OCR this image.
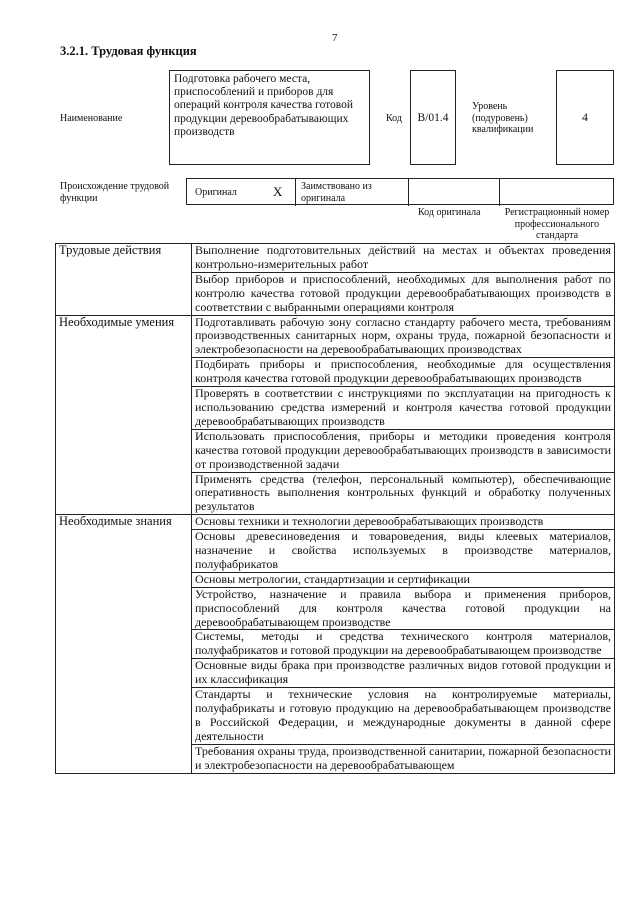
7
3.2.1. Трудовая функция
Наименование
Подготовка рабочего места, приспособлений и приборов для операций контроля качества готовой продукции деревообрабатывающих производств
Код	B/01.4
Уровень (подуровень) квалификации
4
Происхождение трудовой функции	Оригинал	X Заимствовано из оригинала
Код оригинала	Регистрационный номер профессионального стандарта
Трудовые действия	Выполнение подготовительных действий на местах и объектах проведения контрольно-измерительных работ
	Выбор приборов и приспособлений, необходимых для выполнения работ по контролю качества готовой продукции деревообрабатывающих производств в соответствии с выбранными операциями контроля
Необходимые умения	Подготавливать рабочую зону согласно стандарту рабочего места, требованиям производственных санитарных норм, охраны труда, пожарной безопасности и электробезопасности на деревообрабатывающих производствах
	Подбирать приборы и приспособления, необходимые для осуществления контроля качества готовой продукции деревообрабатывающих производств
	Проверять в соответствии с инструкциями по эксплуатации на пригодность к использованию средства измерений и контроля качества готовой продукции деревообрабатывающих производств
	Использовать приспособления, приборы и методики проведения контроля качества готовой продукции деревообрабатывающих производств в зависимости от производственной задачи
	Применять средства (телефон, персональный компьютер), обеспечивающие оперативность выполнения контрольных функций и обработку полученных результатов
Необходимые знания	Основы техники и технологии деревообрабатывающих производств
	Основы древесиноведения и товароведения, виды клеевых материалов, назначение и свойства используемых в производстве материалов, полуфабрикатов
	Основы метрологии, стандартизации и сертификации
	Устройство, назначение и правила выбора и применения приборов, приспособлений для контроля качества готовой продукции на деревообрабатывающем производстве
	Системы, методы и средства технического контроля материалов, полуфабрикатов и готовой продукции на деревообрабатывающем производстве
	Основные виды брака при производстве различных видов готовой продукции и их классификация
	Стандарты и технические условия на контролируемые материалы, полуфабрикаты и готовую продукцию на деревообрабатывающем производстве в Российской Федерации, и международные документы в данной сфере деятельности
	Требования охраны труда, производственной санитарии, пожарной безопасности и электробезопасности на деревообрабатывающем
